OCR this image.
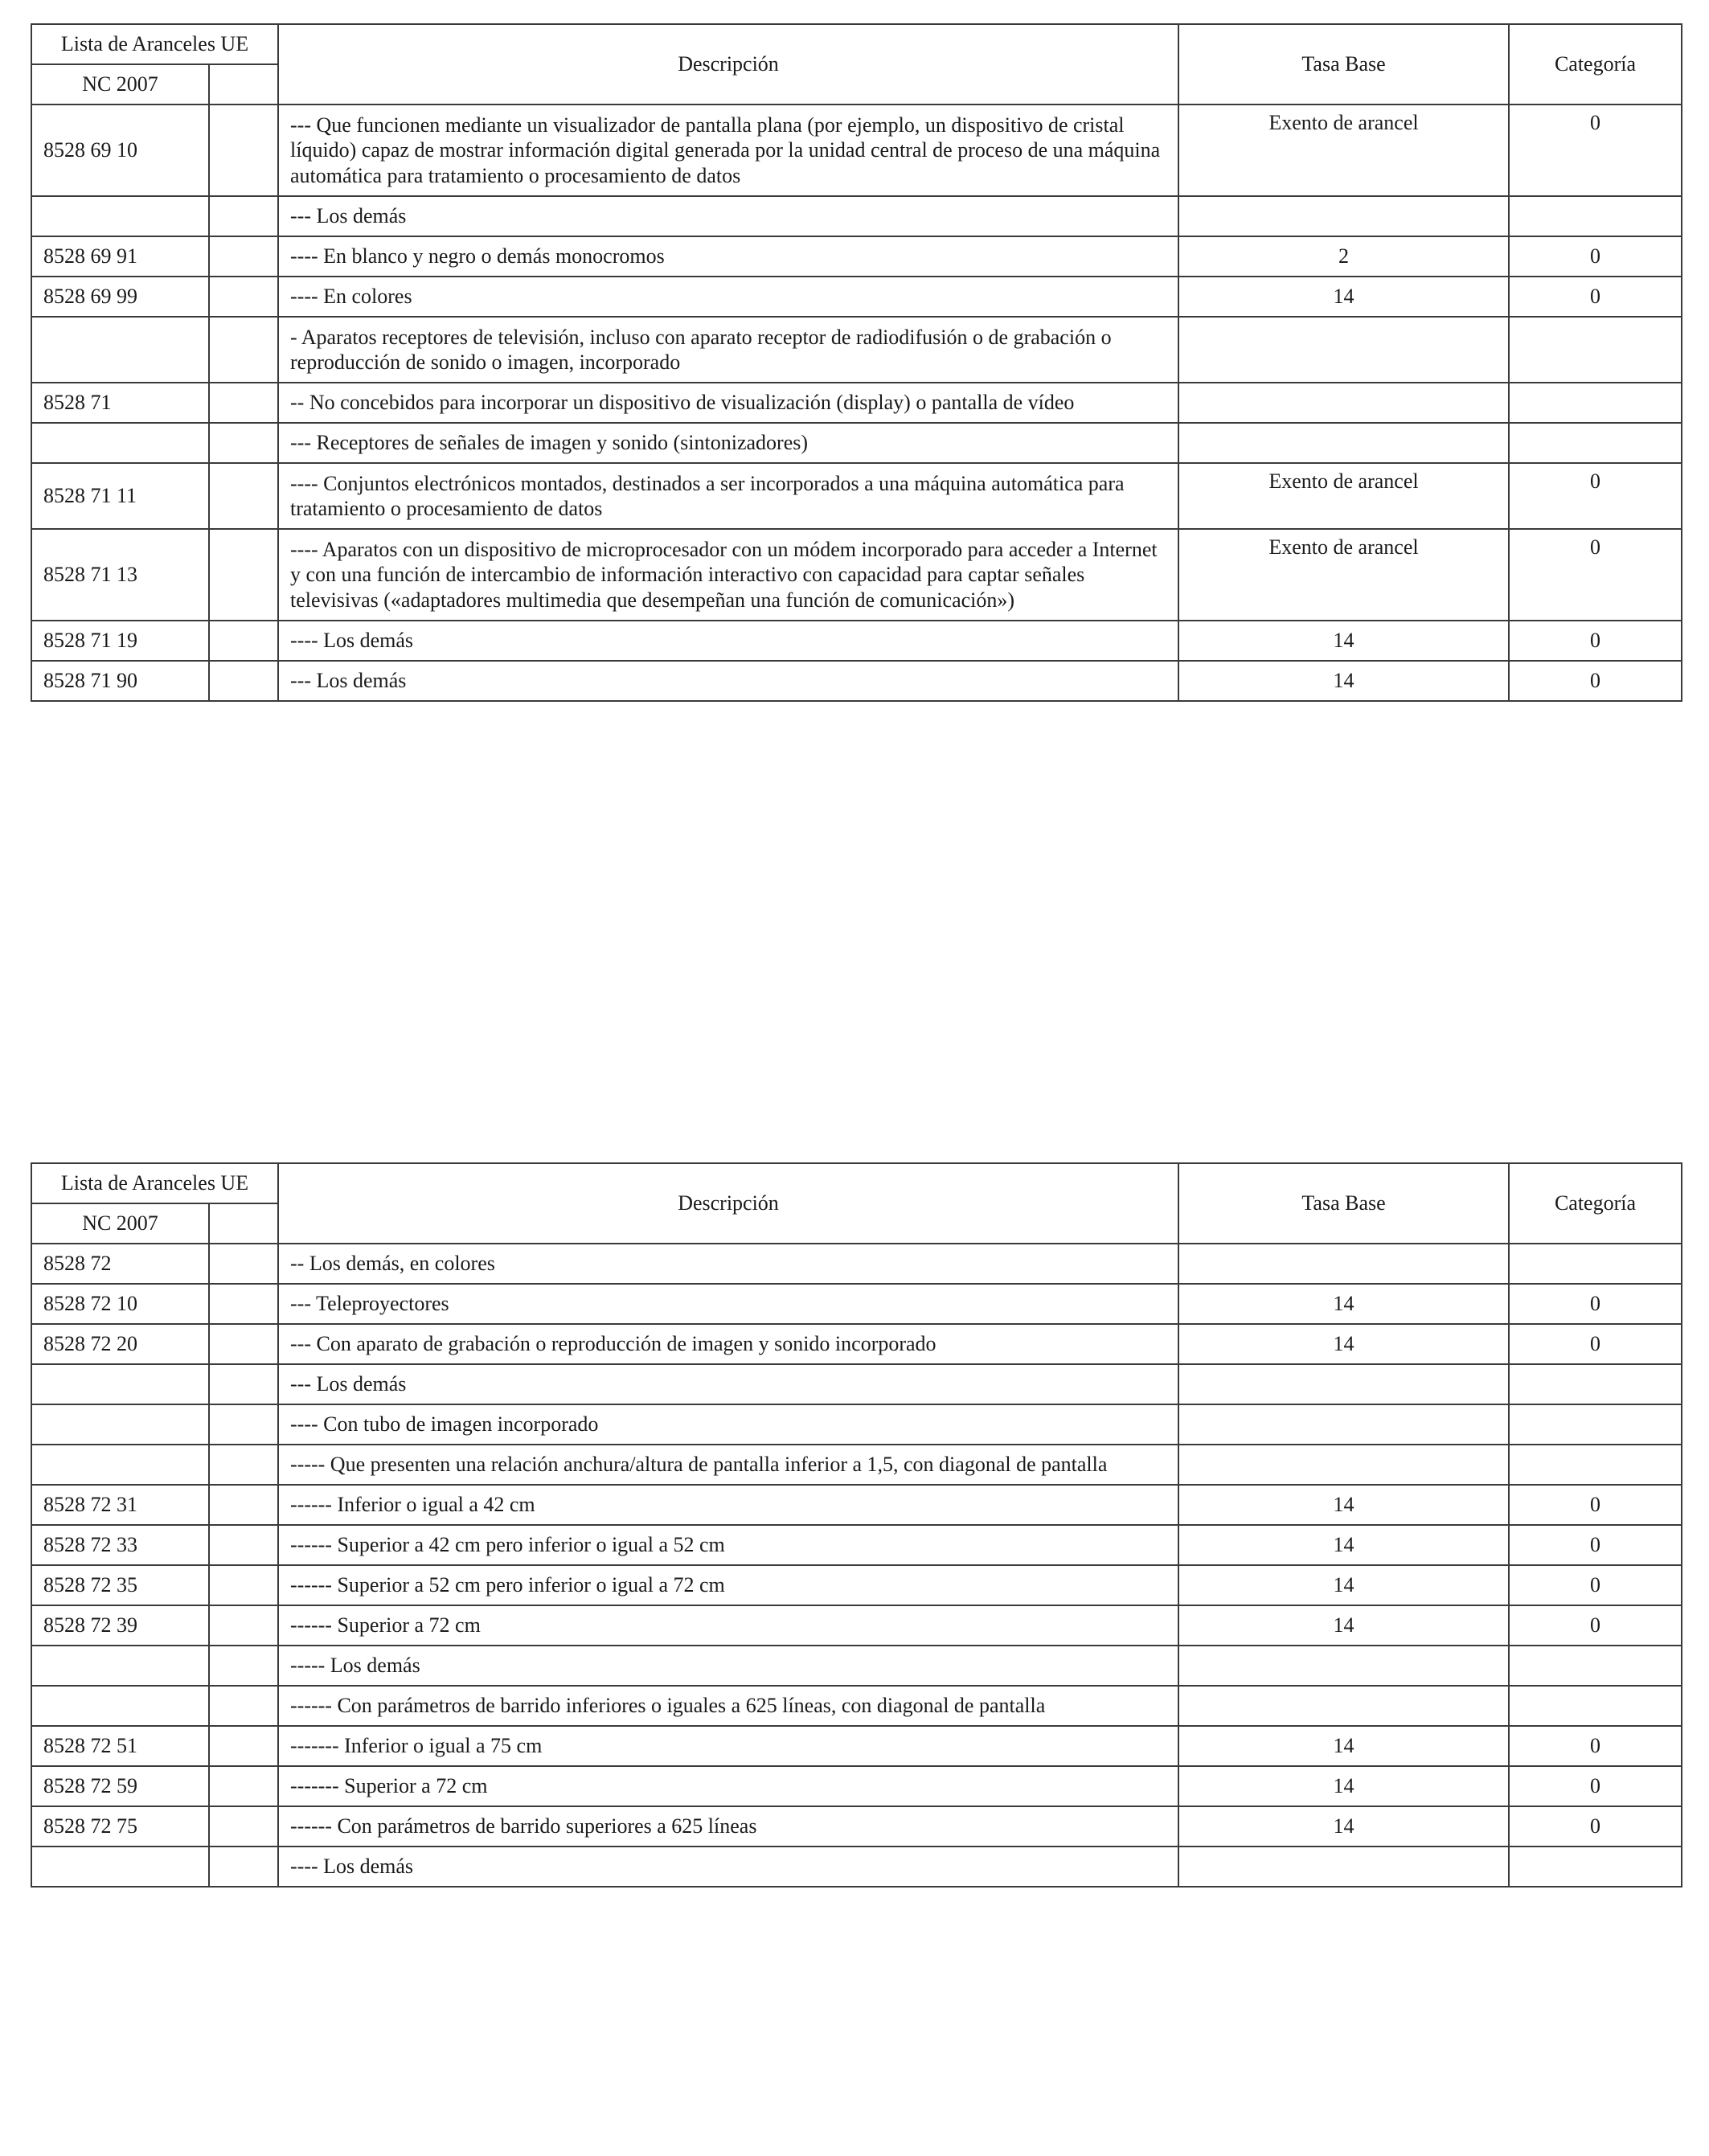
Lista de Aranceles UE		Descripción	Tasa Base	Categoría
NC 2007				
8528 69 10		--- Que funcionen mediante un visualizador de pantalla plana (por ejemplo, un dispositivo de cristal líquido) capaz de mostrar información digital generada por la unidad central de proceso de una máquina automática para tratamiento o procesamiento de datos	Exento de arancel	0
		--- Los demás		
8528 69 91		---- En blanco y negro o demás monocromos	2	0
8528 69 99		---- En colores	14	0
		- Aparatos receptores de televisión, incluso con aparato receptor de radiodifusión o de grabación o reproducción de sonido o imagen, incorporado		
8528 71		-- No concebidos para incorporar un dispositivo de visualización (display) o pantalla de vídeo		
		--- Receptores de señales de imagen y sonido (sintonizadores)		
8528 71 11		---- Conjuntos electrónicos montados, destinados a ser incorporados a una máquina automática para tratamiento o procesamiento de datos	Exento de arancel	0
8528 71 13		---- Aparatos con un dispositivo de microprocesador con un módem incorporado para acceder a Internet y con una función de intercambio de información interactivo con capacidad para captar señales televisivas («adaptadores multimedia que desempeñan una función de comunicación»)	Exento de arancel	0
8528 71 19		---- Los demás	14	0
8528 71 90		--- Los demás	14	0
Lista de Aranceles UE		Descripción	Tasa Base	Categoría
NC 2007				
8528 72		-- Los demás, en colores		
8528 72 10		--- Teleproyectores	14	0
8528 72 20		--- Con aparato de grabación o reproducción de imagen y sonido incorporado	14	0
		--- Los demás		
		---- Con tubo de imagen incorporado		
		----- Que presenten una relación anchura/altura de pantalla inferior a 1,5, con diagonal de pantalla		
8528 72 31		------ Inferior o igual a 42 cm	14	0
8528 72 33		------ Superior a 42 cm pero inferior o igual a 52 cm	14	0
8528 72 35		------ Superior a 52 cm pero inferior o igual a 72 cm	14	0
8528 72 39		------ Superior a 72 cm	14	0
		----- Los demás		
		------ Con parámetros de barrido inferiores o iguales a 625 líneas, con diagonal de pantalla		
8528 72 51		------- Inferior o igual a 75 cm	14	0
8528 72 59		------- Superior a 72 cm	14	0
8528 72 75		------ Con parámetros de barrido superiores a 625 líneas	14	0
		---- Los demás		
